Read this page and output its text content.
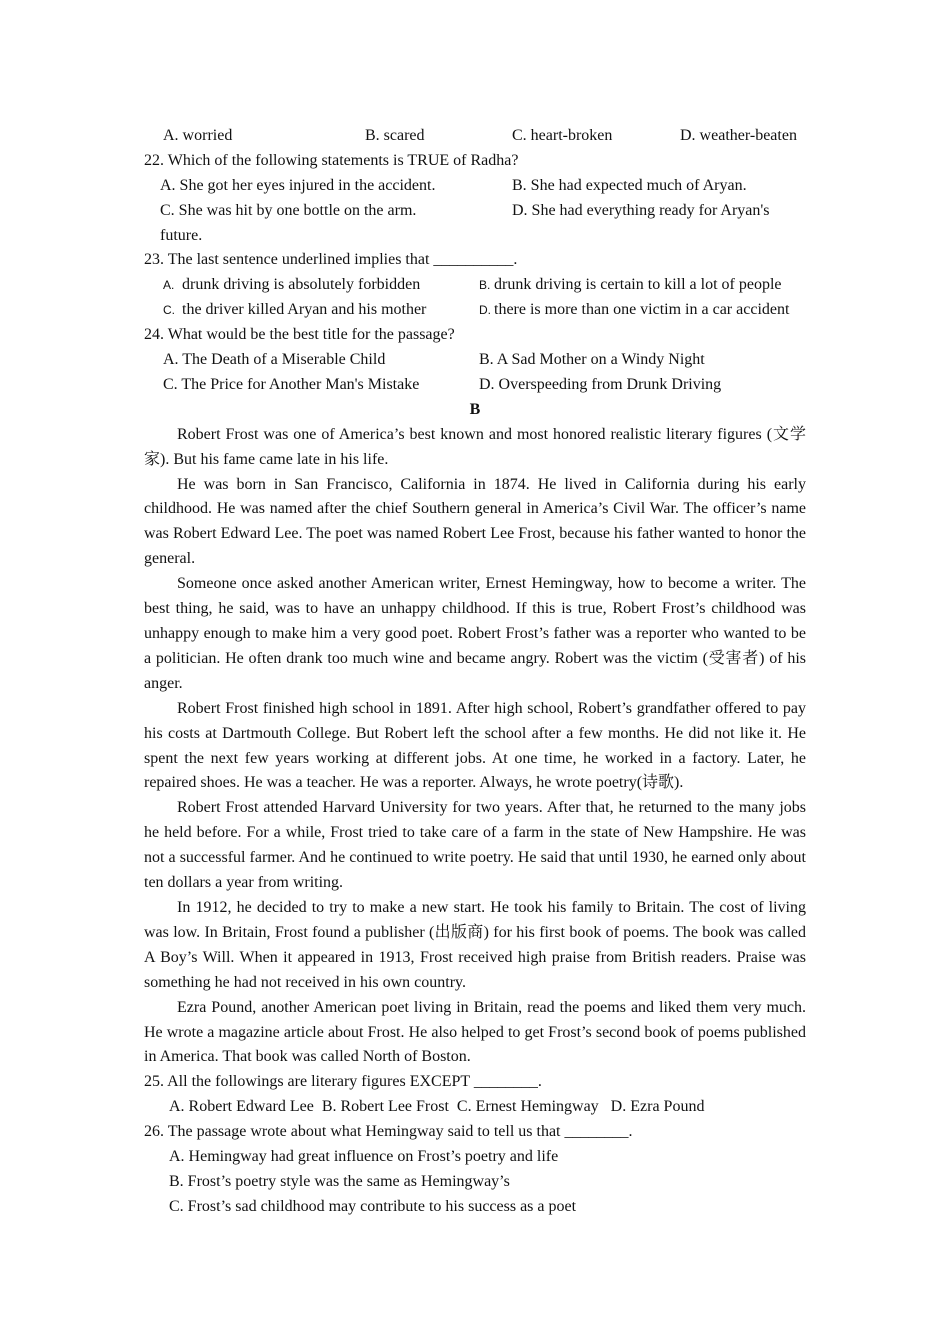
A. worried	B. scared	C. heart-broken	D. weather-beaten
22. Which of the following statements is TRUE of Radha?
A. She got her eyes injured in the accident.	B. She had expected much of Aryan.
C. She was hit by one bottle on the arm.	D. She had everything ready for Aryan's
future.
23. The last sentence underlined implies that __________.
A. drunk driving is absolutely forbidden	B. drunk driving is certain to kill a lot of people
C. the driver killed Aryan and his mother	D. there is more than one victim in a car accident
24. What would be the best title for the passage?
A. The Death of a Miserable Child	B. A Sad Mother on a Windy Night
C. The Price for Another Man's Mistake	D. Overspeeding from Drunk Driving
B

Robert Frost was one of America’s best known and most honored realistic literary figures (文学家). But his fame came late in his life.

He was born in San Francisco, California in 1874. He lived in California during his early childhood. He was named after the chief Southern general in America’s Civil War. The officer’s name was Robert Edward Lee. The poet was named Robert Lee Frost, because his father wanted to honor the general.

Someone once asked another American writer, Ernest Hemingway, how to become a writer. The best thing, he said, was to have an unhappy childhood. If this is true, Robert Frost’s childhood was unhappy enough to make him a very good poet. Robert Frost’s father was a reporter who wanted to be a politician. He often drank too much wine and became angry. Robert was the victim (受害者) of his anger.

Robert Frost finished high school in 1891. After high school, Robert’s grandfather offered to pay his costs at Dartmouth College. But Robert left the school after a few months. He did not like it. He spent the next few years working at different jobs. At one time, he worked in a factory. Later, he repaired shoes. He was a teacher. He was a reporter. Always, he wrote poetry(诗歌).

Robert Frost attended Harvard University for two years. After that, he returned to the many jobs he held before. For a while, Frost tried to take care of a farm in the state of New Hampshire. He was not a successful farmer. And he continued to write poetry. He said that until 1930, he earned only about ten dollars a year from writing.

In 1912, he decided to try to make a new start. He took his family to Britain. The cost of living was low. In Britain, Frost found a publisher (出版商) for his first book of poems. The book was called A Boy’s Will. When it appeared in 1913, Frost received high praise from British readers. Praise was something he had not received in his own country.

Ezra Pound, another American poet living in Britain, read the poems and liked them very much. He wrote a magazine article about Frost. He also helped to get Frost’s second book of poems published in America. That book was called North of Boston.

25. All the followings are literary figures EXCEPT ________.
A. Robert Edward Lee  B. Robert Lee Frost  C. Ernest Hemingway   D. Ezra Pound
26. The passage wrote about what Hemingway said to tell us that ________.
A. Hemingway had great influence on Frost’s poetry and life
B. Frost’s poetry style was the same as Hemingway’s
C. Frost’s sad childhood may contribute to his success as a poet
